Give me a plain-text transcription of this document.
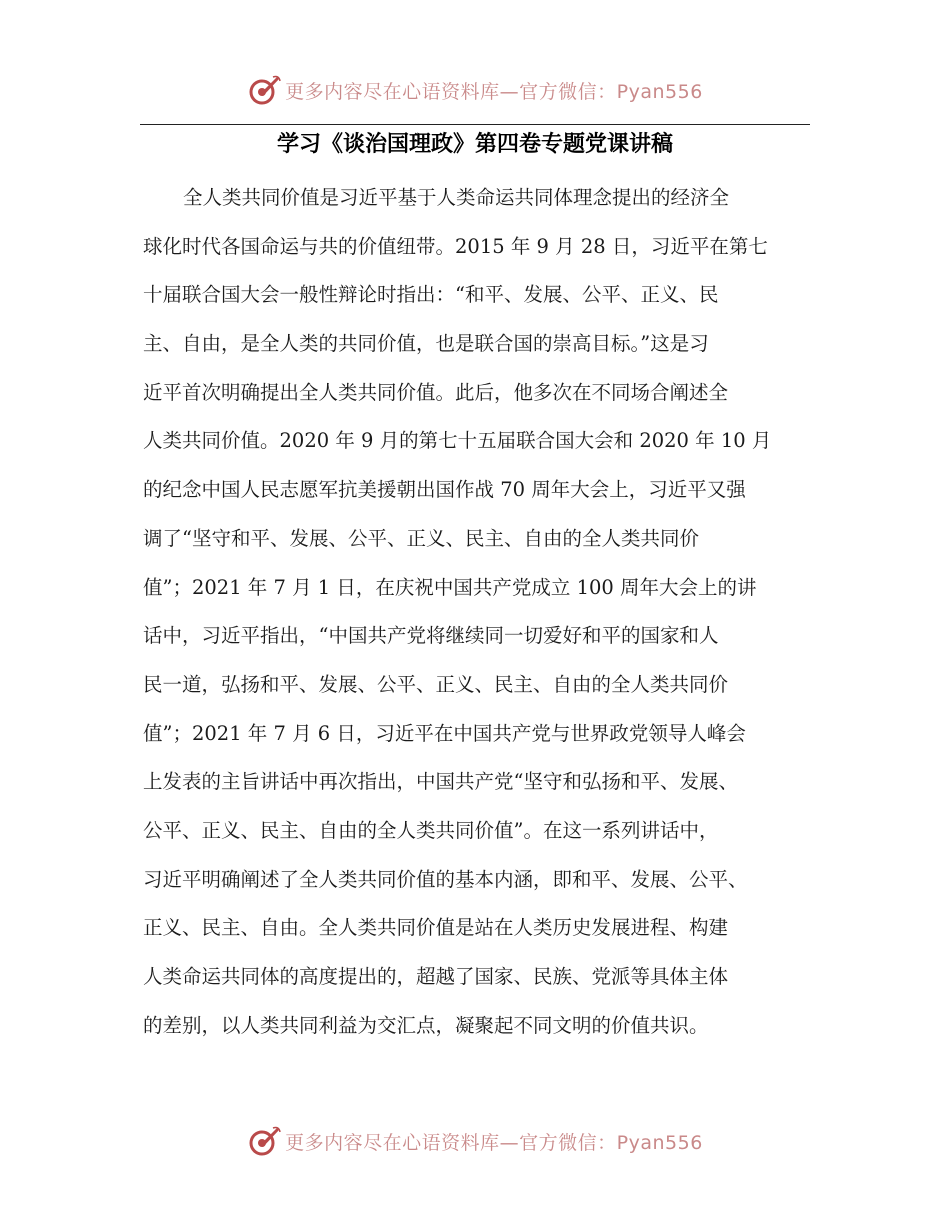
更多内容尽在心语资料库—官方微信：Pyan556
学习《谈治国理政》第四卷专题党课讲稿
全人类共同价值是习近平基于人类命运共同体理念提出的经济全
球化时代各国命运与共的价值纽带。2015 年 9 月 28 日，习近平在第七
十届联合国大会一般性辩论时指出：“和平、发展、公平、正义、民
主、自由，是全人类的共同价值，也是联合国的崇高目标。”这是习
近平首次明确提出全人类共同价值。此后，他多次在不同场合阐述全
人类共同价值。2020 年 9 月的第七十五届联合国大会和 2020 年 10 月
的纪念中国人民志愿军抗美援朝出国作战 70 周年大会上，习近平又强
调了“坚守和平、发展、公平、正义、民主、自由的全人类共同价
值”；2021 年 7 月 1 日，在庆祝中国共产党成立 100 周年大会上的讲
话中，习近平指出，“中国共产党将继续同一切爱好和平的国家和人
民一道，弘扬和平、发展、公平、正义、民主、自由的全人类共同价
值”；2021 年 7 月 6 日，习近平在中国共产党与世界政党领导人峰会
上发表的主旨讲话中再次指出，中国共产党“坚守和弘扬和平、发展、
公平、正义、民主、自由的全人类共同价值”。在这一系列讲话中，
习近平明确阐述了全人类共同价值的基本内涵，即和平、发展、公平、
正义、民主、自由。全人类共同价值是站在人类历史发展进程、构建
人类命运共同体的高度提出的，超越了国家、民族、党派等具体主体
的差别，以人类共同利益为交汇点，凝聚起不同文明的价值共识。
更多内容尽在心语资料库—官方微信：Pyan556
